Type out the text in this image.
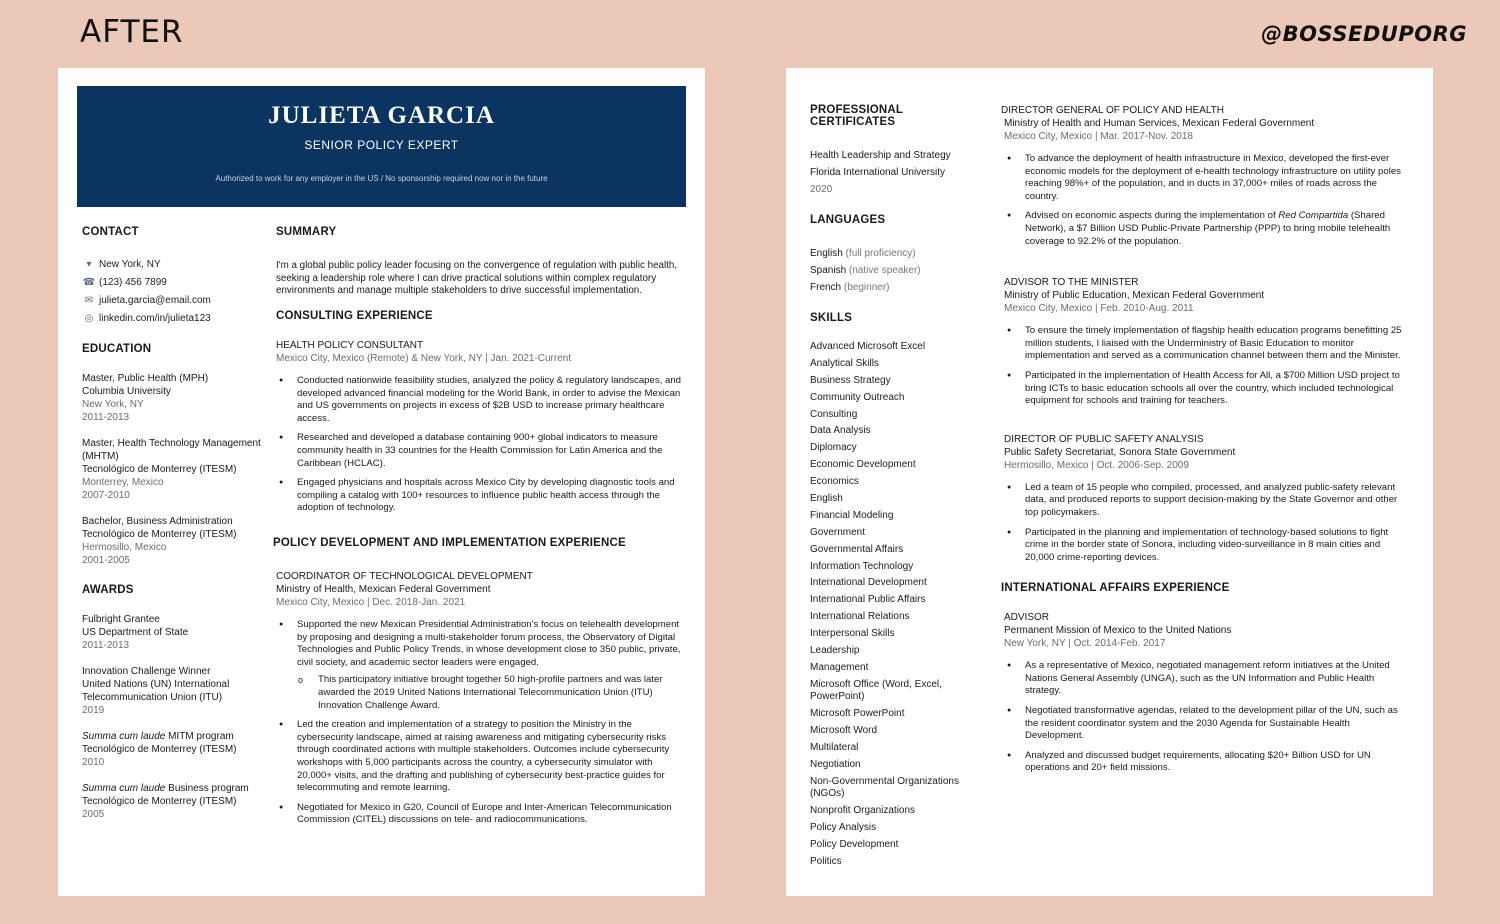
AFTER	@BOSSEDUPORG
JULIETA GARCIA
SENIOR POLICY EXPERT
Authorized to work for any employer in the US / No sponsorship required now nor in the future
CONTACT
▾ New York, NY
☎ (123) 456 7899
✉ julieta.garcia@email.com
◎ linkedin.com/in/julieta123
EDUCATION
Master, Public Health (MPH)
Columbia University
New York, NY
2011-2013
Master, Health Technology Management (MHTM)
Tecnológico de Monterrey (ITESM)
Monterrey, Mexico
2007-2010
Bachelor, Business Administration
Tecnológico de Monterrey (ITESM)
Hermosillo, Mexico
2001-2005
AWARDS
Fulbright Grantee
US Department of State
2011-2013
Innovation Challenge Winner
United Nations (UN) International Telecommunication Union (ITU)
2019
Summa cum laude MITM program
Tecnológico de Monterrey (ITESM)
2010
Summa cum laude Business program
Tecnológico de Monterrey (ITESM)
2005
SUMMARY
I'm a global public policy leader focusing on the convergence of regulation with public health, seeking a leadership role where I can drive practical solutions within complex regulatory environments and manage multiple stakeholders to drive successful implementation.
CONSULTING EXPERIENCE
HEALTH POLICY CONSULTANT
Mexico City, Mexico (Remote) & New York, NY | Jan. 2021-Current
● Conducted nationwide feasibility studies, analyzed the policy & regulatory landscapes, and developed advanced financial modeling for the World Bank, in order to advise the Mexican and US governments on projects in excess of $2B USD to increase primary healthcare access.
● Researched and developed a database containing 900+ global indicators to measure community health in 33 countries for the Health Commission for Latin America and the Caribbean (HCLAC).
● Engaged physicians and hospitals across Mexico City by developing diagnostic tools and compiling a catalog with 100+ resources to influence public health access through the adoption of technology.
POLICY DEVELOPMENT AND IMPLEMENTATION EXPERIENCE
COORDINATOR OF TECHNOLOGICAL DEVELOPMENT
Ministry of Health, Mexican Federal Government
Mexico City, Mexico | Dec. 2018-Jan. 2021
● Supported the new Mexican Presidential Administration's focus on telehealth development by proposing and designing a multi-stakeholder forum process, the Observatory of Digital Technologies and Public Policy Trends, in whose development close to 350 public, private, civil society, and academic sector leaders were engaged.
o This participatory initiative brought together 50 high-profile partners and was later awarded the 2019 United Nations International Telecommunication Union (ITU) Innovation Challenge Award.
● Led the creation and implementation of a strategy to position the Ministry in the cybersecurity landscape, aimed at raising awareness and mitigating cybersecurity risks through coordinated actions with multiple stakeholders. Outcomes include cybersecurity workshops with 5,000 participants across the country, a cybersecurity simulator with 20,000+ visits, and the drafting and publishing of cybersecurity best-practice guides for telecommuting and remote learning.
● Negotiated for Mexico in G20, Council of Europe and Inter-American Telecommunication Commission (CITEL) discussions on tele- and radiocommunications.
PROFESSIONAL CERTIFICATES
Health Leadership and Strategy
Florida International University
2020
LANGUAGES
English (full proficiency)
Spanish (native speaker)
French (beginner)
SKILLS
Advanced Microsoft Excel
Analytical Skills
Business Strategy
Community Outreach
Consulting
Data Analysis
Diplomacy
Economic Development
Economics
English
Financial Modeling
Government
Governmental Affairs
Information Technology
International Development
International Public Affairs
International Relations
Interpersonal Skills
Leadership
Management
Microsoft Office (Word, Excel, PowerPoint)
Microsoft PowerPoint
Microsoft Word
Multilateral
Negotiation
Non-Governmental Organizations (NGOs)
Nonprofit Organizations
Policy Analysis
Policy Development
Politics
DIRECTOR GENERAL OF POLICY AND HEALTH
Ministry of Health and Human Services, Mexican Federal Government
Mexico City, Mexico | Mar. 2017-Nov. 2018
● To advance the deployment of health infrastructure in Mexico, developed the first-ever economic models for the deployment of e-health technology infrastructure on utility poles reaching 98%+ of the population, and in ducts in 37,000+ miles of roads across the country.
● Advised on economic aspects during the implementation of Red Compartida (Shared Network), a $7 Billion USD Public-Private Partnership (PPP) to bring mobile telehealth coverage to 92.2% of the population.
ADVISOR TO THE MINISTER
Ministry of Public Education, Mexican Federal Government
Mexico City, Mexico | Feb. 2010-Aug. 2011
● To ensure the timely implementation of flagship health education programs benefitting 25 million students, I liaised with the Underministry of Basic Education to monitor implementation and served as a communication channel between them and the Minister.
● Participated in the implementation of Health Access for All, a $700 Million USD project to bring ICTs to basic education schools all over the country, which included technological equipment for schools and training for teachers.
DIRECTOR OF PUBLIC SAFETY ANALYSIS
Public Safety Secretariat, Sonora State Government
Hermosillo, Mexico | Oct. 2006-Sep. 2009
● Led a team of 15 people who compiled, processed, and analyzed public-safety relevant data, and produced reports to support decision-making by the State Governor and other top policymakers.
● Participated in the planning and implementation of technology-based solutions to fight crime in the border state of Sonora, including video-surveillance in 8 main cities and 20,000 crime-reporting devices.
INTERNATIONAL AFFAIRS EXPERIENCE
ADVISOR
Permanent Mission of Mexico to the United Nations
New York, NY | Oct. 2014-Feb. 2017
● As a representative of Mexico, negotiated management reform initiatives at the United Nations General Assembly (UNGA), such as the UN Information and Public Health strategy.
● Negotiated transformative agendas, related to the development pillar of the UN, such as the resident coordinator system and the 2030 Agenda for Sustainable Health Development.
● Analyzed and discussed budget requirements, allocating $20+ Billion USD for UN operations and 20+ field missions.
